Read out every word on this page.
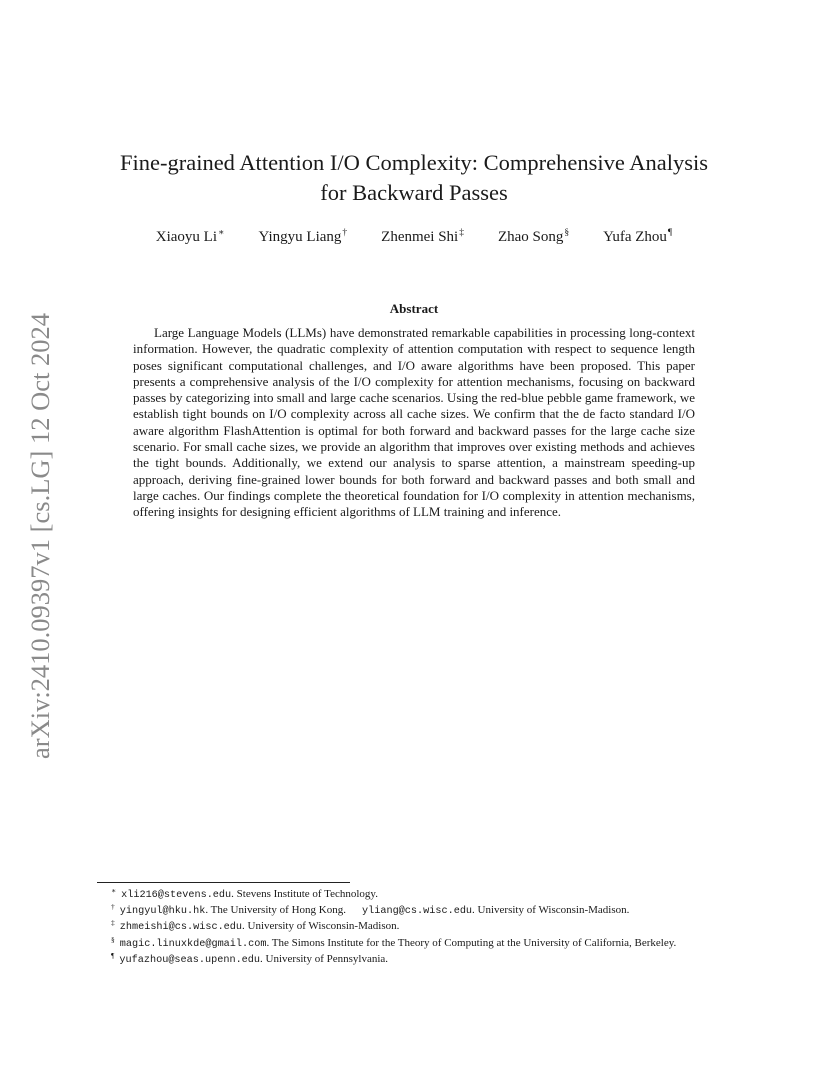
arXiv:2410.09397v1 [cs.LG] 12 Oct 2024
Fine-grained Attention I/O Complexity: Comprehensive Analysis
for Backward Passes
Xiaoyu Li∗ Yingyu Liang† Zhenmei Shi‡ Zhao Song§ Yufa Zhou¶
Abstract

Large Language Models (LLMs) have demonstrated remarkable capabilities in processing long-context information. However, the quadratic complexity of attention computation with respect to sequence length poses significant computational challenges, and I/O aware algorithms have been proposed. This paper presents a comprehensive analysis of the I/O complexity for attention mechanisms, focusing on backward passes by categorizing into small and large cache scenarios. Using the red-blue pebble game framework, we establish tight bounds on I/O complexity across all cache sizes. We confirm that the de facto standard I/O aware algorithm FlashAttention is optimal for both forward and backward passes for the large cache size scenario. For small cache sizes, we provide an algorithm that improves over existing methods and achieves the tight bounds. Additionally, we extend our analysis to sparse attention, a mainstream speeding-up approach, deriving fine-grained lower bounds for both forward and backward passes and both small and large caches. Our findings complete the theoretical foundation for I/O complexity in attention mechanisms, offering insights for designing efficient algorithms of LLM training and inference.

∗ xli216@stevens.edu. Stevens Institute of Technology.

† yingyul@hku.hk. The University of Hong Kong. yliang@cs.wisc.edu. University of Wisconsin-Madison.

‡ zhmeishi@cs.wisc.edu. University of Wisconsin-Madison.

§ magic.linuxkde@gmail.com. The Simons Institute for the Theory of Computing at the University of California, Berkeley.

¶ yufazhou@seas.upenn.edu. University of Pennsylvania.
